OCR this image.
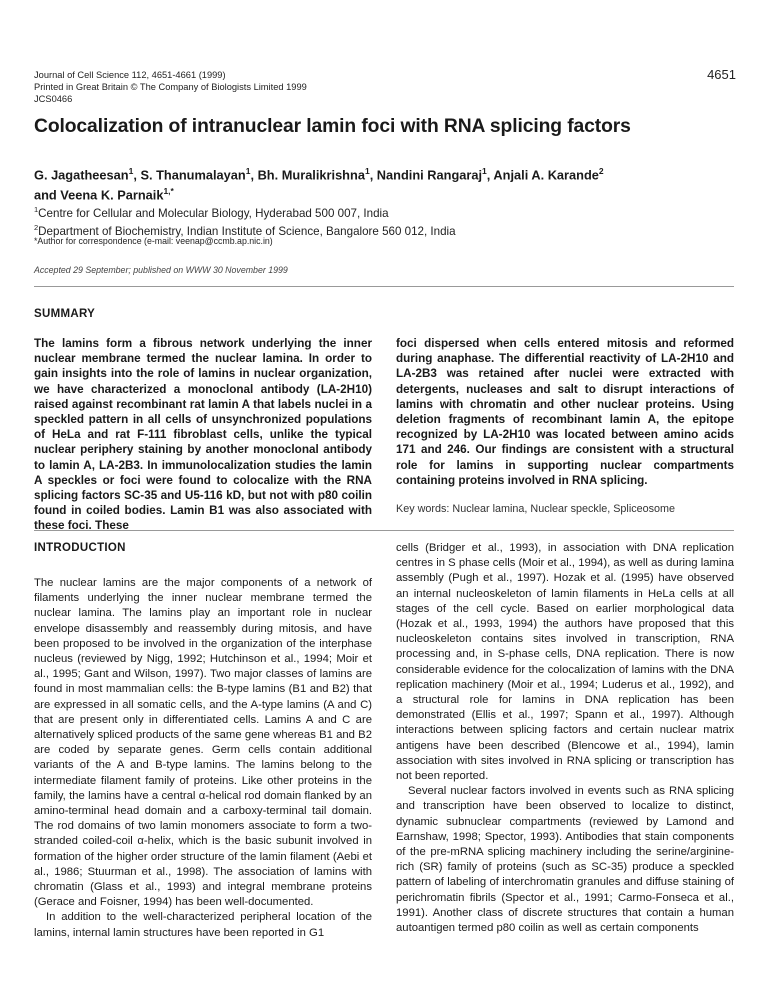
Journal of Cell Science 112, 4651-4661 (1999)
Printed in Great Britain © The Company of Biologists Limited 1999
JCS0466
4651
Colocalization of intranuclear lamin foci with RNA splicing factors
G. Jagatheesan$^1$, S. Thanumalayan$^1$, Bh. Muralikrishna$^1$, Nandini Rangaraj$^1$, Anjali A. Karande$^2$
and Veena K. Parnaik$^{1,*}$
$^1$Centre for Cellular and Molecular Biology, Hyderabad 500 007, India
$^2$Department of Biochemistry, Indian Institute of Science, Bangalore 560 012, India
*Author for correspondence (e-mail: veenap@ccmb.ap.nic.in)
Accepted 29 September; published on WWW 30 November 1999
SUMMARY
The lamins form a fibrous network underlying the inner nuclear membrane termed the nuclear lamina. In order to gain insights into the role of lamins in nuclear organization, we have characterized a monoclonal antibody (LA-2H10) raised against recombinant rat lamin A that labels nuclei in a speckled pattern in all cells of unsynchronized populations of HeLa and rat F-111 fibroblast cells, unlike the typical nuclear periphery staining by another monoclonal antibody to lamin A, LA-2B3. In immunolocalization studies the lamin A speckles or foci were found to colocalize with the RNA splicing factors SC-35 and U5-116 kD, but not with p80 coilin found in coiled bodies. Lamin B1 was also associated with these foci. These
foci dispersed when cells entered mitosis and reformed during anaphase. The differential reactivity of LA-2H10 and LA-2B3 was retained after nuclei were extracted with detergents, nucleases and salt to disrupt interactions of lamins with chromatin and other nuclear proteins. Using deletion fragments of recombinant lamin A, the epitope recognized by LA-2H10 was located between amino acids 171 and 246. Our findings are consistent with a structural role for lamins in supporting nuclear compartments containing proteins involved in RNA splicing.
Key words: Nuclear lamina, Nuclear speckle, Spliceosome
INTRODUCTION

The nuclear lamins are the major components of a network of filaments underlying the inner nuclear membrane termed the nuclear lamina. The lamins play an important role in nuclear envelope disassembly and reassembly during mitosis, and have been proposed to be involved in the organization of the interphase nucleus (reviewed by Nigg, 1992; Hutchinson et al., 1994; Moir et al., 1995; Gant and Wilson, 1997). Two major classes of lamins are found in most mammalian cells: the B-type lamins (B1 and B2) that are expressed in all somatic cells, and the A-type lamins (A and C) that are present only in differentiated cells. Lamins A and C are alternatively spliced products of the same gene whereas B1 and B2 are coded by separate genes. Germ cells contain additional variants of the A and B-type lamins. The lamins belong to the intermediate filament family of proteins. Like other proteins in the family, the lamins have a central α-helical rod domain flanked by an amino-terminal head domain and a carboxy-terminal tail domain. The rod domains of two lamin monomers associate to form a two-stranded coiled-coil α-helix, which is the basic subunit involved in formation of the higher order structure of the lamin filament (Aebi et al., 1986; Stuurman et al., 1998). The association of lamins with chromatin (Glass et al., 1993) and integral membrane proteins (Gerace and Foisner, 1994) has been well-documented.

In addition to the well-characterized peripheral location of the lamins, internal lamin structures have been reported in G1

cells (Bridger et al., 1993), in association with DNA replication centres in S phase cells (Moir et al., 1994), as well as during lamina assembly (Pugh et al., 1997). Hozak et al. (1995) have observed an internal nucleoskeleton of lamin filaments in HeLa cells at all stages of the cell cycle. Based on earlier morphological data (Hozak et al., 1993, 1994) the authors have proposed that this nucleoskeleton contains sites involved in transcription, RNA processing and, in S-phase cells, DNA replication. There is now considerable evidence for the colocalization of lamins with the DNA replication machinery (Moir et al., 1994; Luderus et al., 1992), and a structural role for lamins in DNA replication has been demonstrated (Ellis et al., 1997; Spann et al., 1997). Although interactions between splicing factors and certain nuclear matrix antigens have been described (Blencowe et al., 1994), lamin association with sites involved in RNA splicing or transcription has not been reported.

Several nuclear factors involved in events such as RNA splicing and transcription have been observed to localize to distinct, dynamic subnuclear compartments (reviewed by Lamond and Earnshaw, 1998; Spector, 1993). Antibodies that stain components of the pre-mRNA splicing machinery including the serine/arginine-rich (SR) family of proteins (such as SC-35) produce a speckled pattern of labeling of interchromatin granules and diffuse staining of perichromatin fibrils (Spector et al., 1991; Carmo-Fonseca et al., 1991). Another class of discrete structures that contain a human autoantigen termed p80 coilin as well as certain components
